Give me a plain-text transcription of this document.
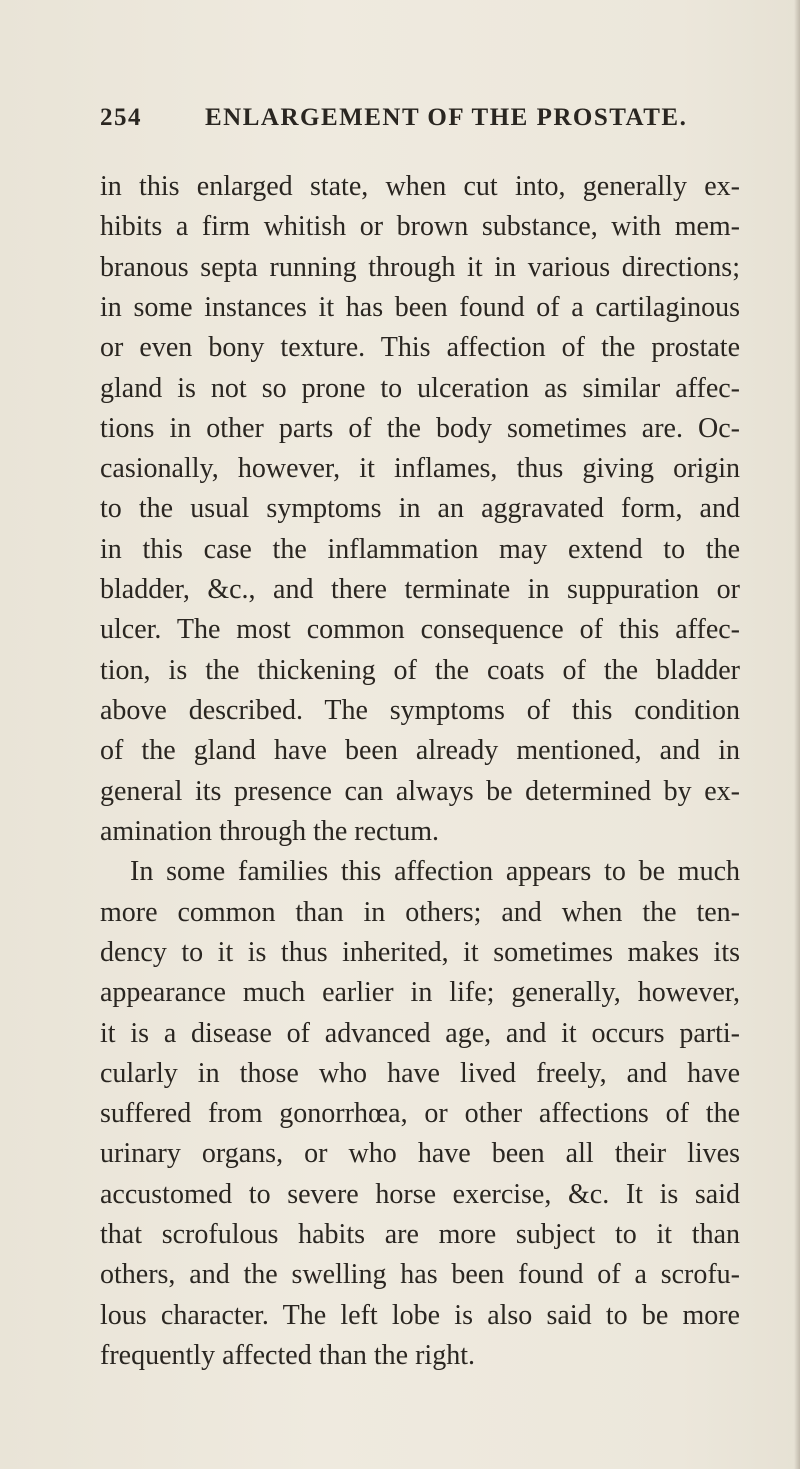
254	ENLARGEMENT OF THE PROSTATE.
in this enlarged state, when cut into, generally ex-
hibits a firm whitish or brown substance, with mem-
branous septa running through it in various directions;
in some instances it has been found of a cartilaginous
or even bony texture. This affection of the prostate
gland is not so prone to ulceration as similar affec-
tions in other parts of the body sometimes are. Oc-
casionally, however, it inflames, thus giving origin
to the usual symptoms in an aggravated form, and
in this case the inflammation may extend to the
bladder, &c., and there terminate in suppuration or
ulcer. The most common consequence of this affec-
tion, is the thickening of the coats of the bladder
above described. The symptoms of this condition
of the gland have been already mentioned, and in
general its presence can always be determined by ex-
amination through the rectum.
In some families this affection appears to be much
more common than in others; and when the ten-
dency to it is thus inherited, it sometimes makes its
appearance much earlier in life; generally, however,
it is a disease of advanced age, and it occurs parti-
cularly in those who have lived freely, and have
suffered from gonorrhœa, or other affections of the
urinary organs, or who have been all their lives
accustomed to severe horse exercise, &c. It is said
that scrofulous habits are more subject to it than
others, and the swelling has been found of a scrofu-
lous character. The left lobe is also said to be more
frequently affected than the right.
